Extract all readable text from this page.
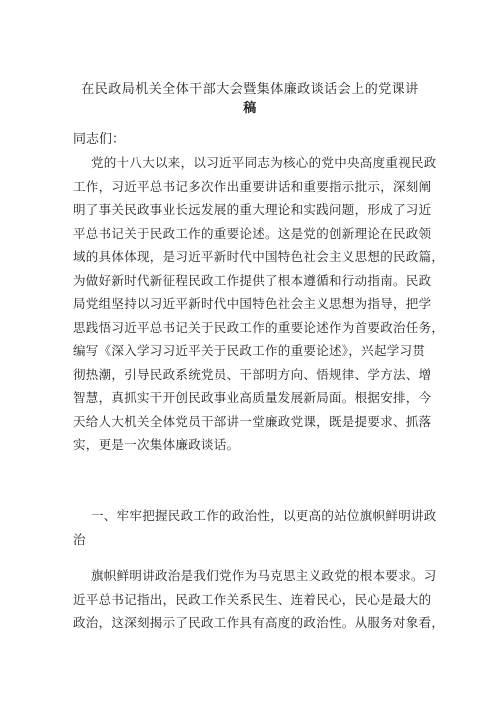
在民政局机关全体干部大会暨集体廉政谈话会上的党课讲
稿
同志们：
党的十八大以来，以习近平同志为核心的党中央高度重视民政
工作，习近平总书记多次作出重要讲话和重要指示批示，深刻阐
明了事关民政事业长远发展的重大理论和实践问题，形成了习近
平总书记关于民政工作的重要论述。这是党的创新理论在民政领
域的具体体现，是习近平新时代中国特色社会主义思想的民政篇，
为做好新时代新征程民政工作提供了根本遵循和行动指南。民政
局党组坚持以习近平新时代中国特色社会主义思想为指导，把学
思践悟习近平总书记关于民政工作的重要论述作为首要政治任务，
编写《深入学习习近平关于民政工作的重要论述》，兴起学习贯
彻热潮，引导民政系统党员、干部明方向、悟规律、学方法、增
智慧，真抓实干开创民政事业高质量发展新局面。根据安排，今
天给人大机关全体党员干部讲一堂廉政党课，既是提要求、抓落
实，更是一次集体廉政谈话。
一、牢牢把握民政工作的政治性，以更高的站位旗帜鲜明讲政
治
旗帜鲜明讲政治是我们党作为马克思主义政党的根本要求。习
近平总书记指出，民政工作关系民生、连着民心，民心是最大的
政治，这深刻揭示了民政工作具有高度的政治性。从服务对象看，
